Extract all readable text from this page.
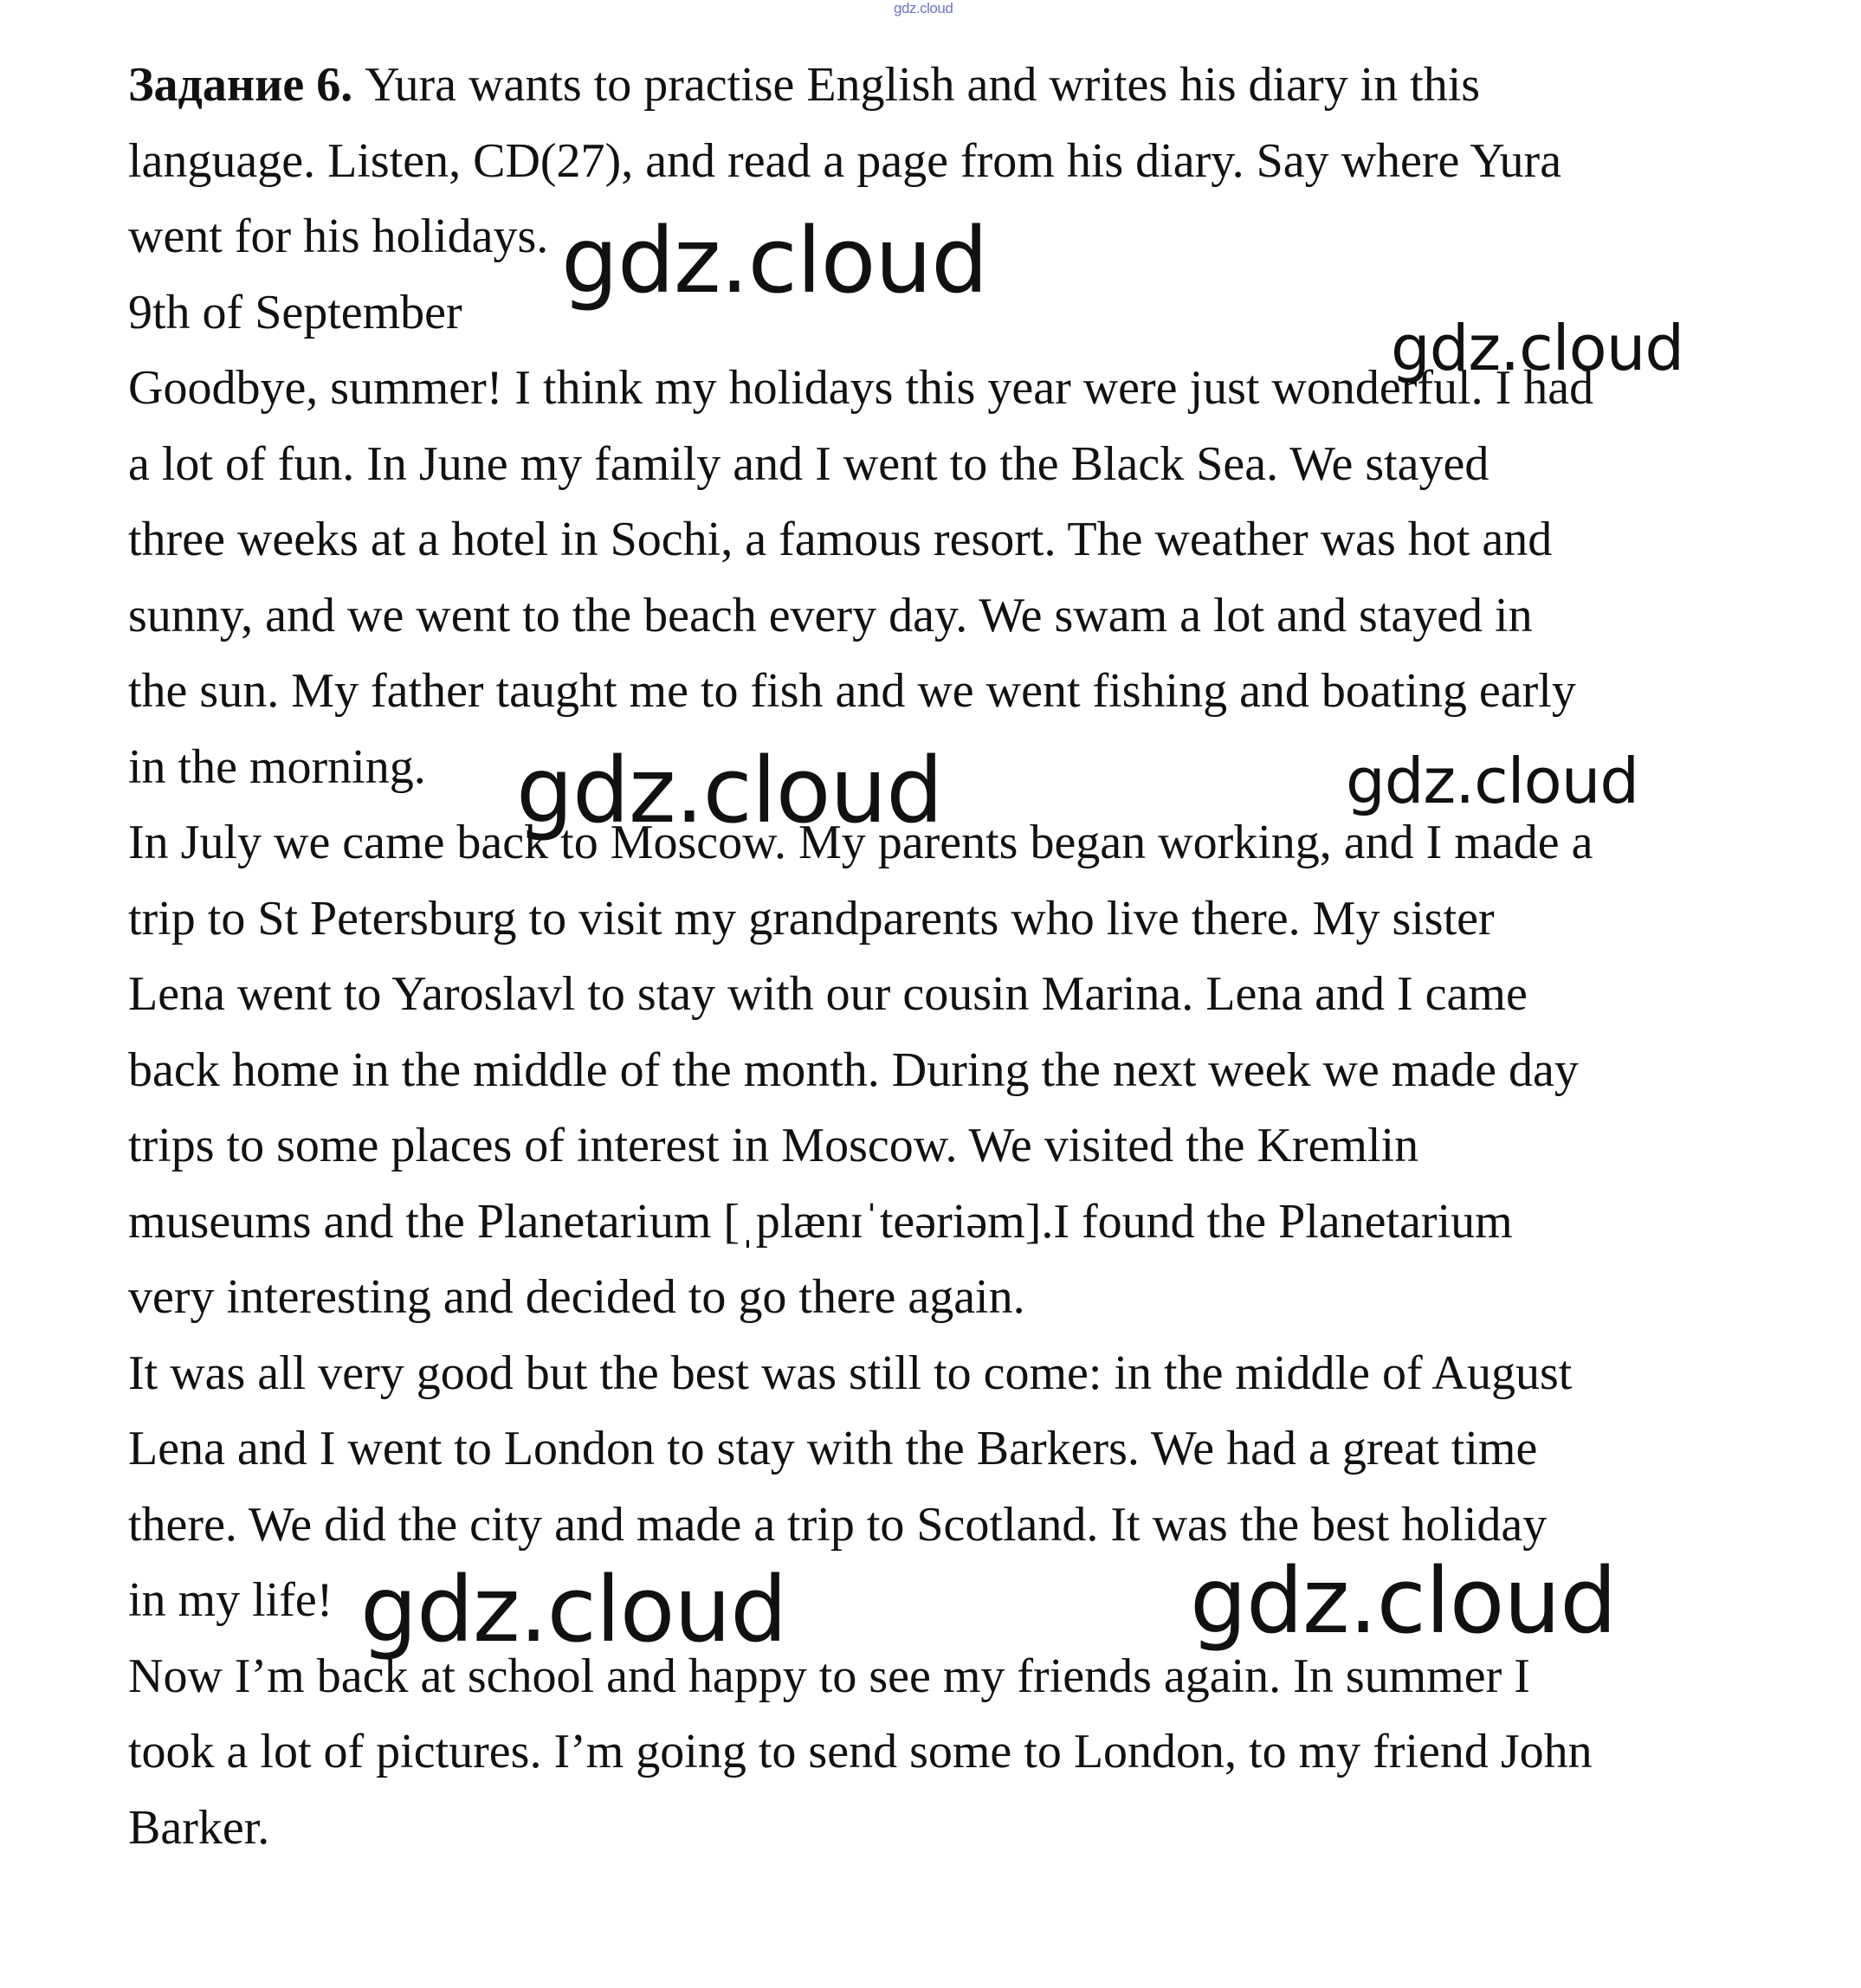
gdz.cloud
Задание 6. Yura wants to practise English and writes his diary in this
language. Listen, CD(27), and read a page from his diary. Say where Yura
went for his holidays.
9th of September
Goodbye, summer! I think my holidays this year were just wonderful. I had
a lot of fun. In June my family and I went to the Black Sea. We stayed
three weeks at a hotel in Sochi, a famous resort. The weather was hot and
sunny, and we went to the beach every day. We swam a lot and stayed in
the sun. My father taught me to fish and we went fishing and boating early
in the morning.
In July we came back to Moscow. My parents began working, and I made a
trip to St Petersburg to visit my grandparents who live there. My sister
Lena went to Yaroslavl to stay with our cousin Marina. Lena and I came
back home in the middle of the month. During the next week we made day
trips to some places of interest in Moscow. We visited the Kremlin
museums and the Planetarium [ˌplænɪˈteəriəm].I found the Planetarium
very interesting and decided to go there again.
It was all very good but the best was still to come: in the middle of August
Lena and I went to London to stay with the Barkers. We had a great time
there. We did the city and made a trip to Scotland. It was the best holiday
in my life!
Now I’m back at school and happy to see my friends again. In summer I
took a lot of pictures. I’m going to send some to London, to my friend John
Barker.
gdz.cloud
gdz.cloud
gdz.cloud	gdz.cloud
gdz.cloud	gdz.cloud
